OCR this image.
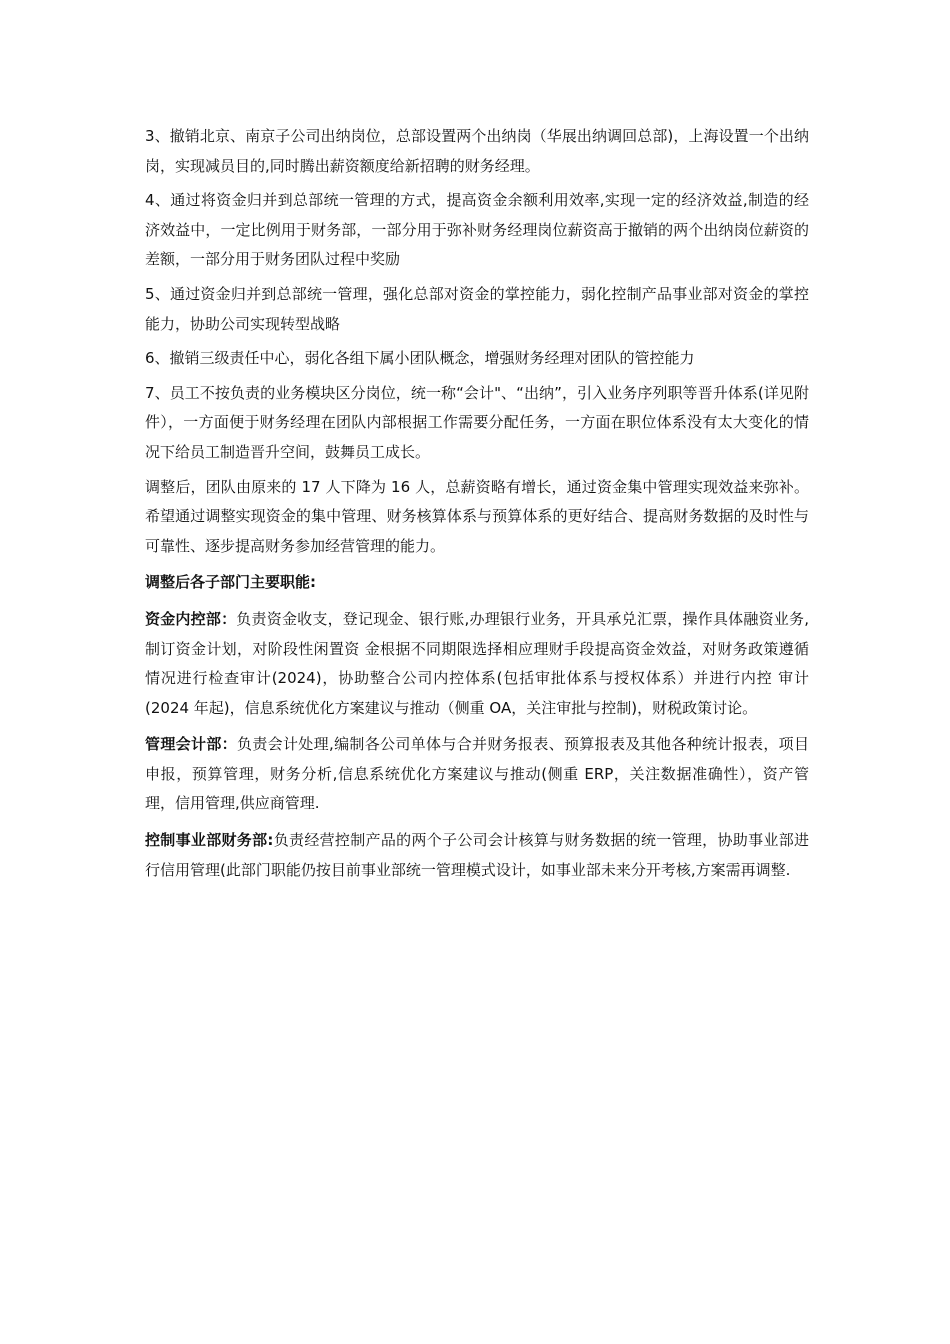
3、撤销北京、南京子公司出纳岗位，总部设置两个出纳岗（华展出纳调回总部)，上海设置一个出纳岗，实现减员目的,同时腾出薪资额度给新招聘的财务经理。

4、通过将资金归并到总部统一管理的方式，提高资金余额利用效率,实现一定的经济效益,制造的经济效益中，一定比例用于财务部，一部分用于弥补财务经理岗位薪资高于撤销的两个出纳岗位薪资的差额，一部分用于财务团队过程中奖励

5、通过资金归并到总部统一管理，强化总部对资金的掌控能力，弱化控制产品事业部对资金的掌控能力，协助公司实现转型战略

6、撤销三级责任中心，弱化各组下属小团队概念，增强财务经理对团队的管控能力

7、员工不按负责的业务模块区分岗位，统一称“会计"、“出纳”，引入业务序列职等晋升体系(详见附件），一方面便于财务经理在团队内部根据工作需要分配任务，一方面在职位体系没有太大变化的情况下给员工制造晋升空间，鼓舞员工成长。

调整后，团队由原来的 17 人下降为 16 人，总薪资略有增长，通过资金集中管理实现效益来弥补。希望通过调整实现资金的集中管理、财务核算体系与预算体系的更好结合、提高财务数据的及时性与可靠性、逐步提高财务参加经营管理的能力。

调整后各子部门主要职能:

资金内控部：负责资金收支，登记现金、银行账,办理银行业务，开具承兑汇票，操作具体融资业务,制订资金计划，对阶段性闲置资 金根据不同期限选择相应理财手段提高资金效益，对财务政策遵循情况进行检查审计(2024)，协助整合公司内控体系(包括审批体系与授权体系）并进行内控 审计(2024 年起)，信息系统优化方案建议与推动（侧重 OA，关注审批与控制)，财税政策讨论。

管理会计部：负责会计处理,编制各公司单体与合并财务报表、预算报表及其他各种统计报表，项目申报，预算管理，财务分析,信息系统优化方案建议与推动(侧重 ERP，关注数据准确性），资产管理，信用管理,供应商管理.

控制事业部财务部:负责经营控制产品的两个子公司会计核算与财务数据的统一管理，协助事业部进行信用管理(此部门职能仍按目前事业部统一管理模式设计，如事业部未来分开考核,方案需再调整.
